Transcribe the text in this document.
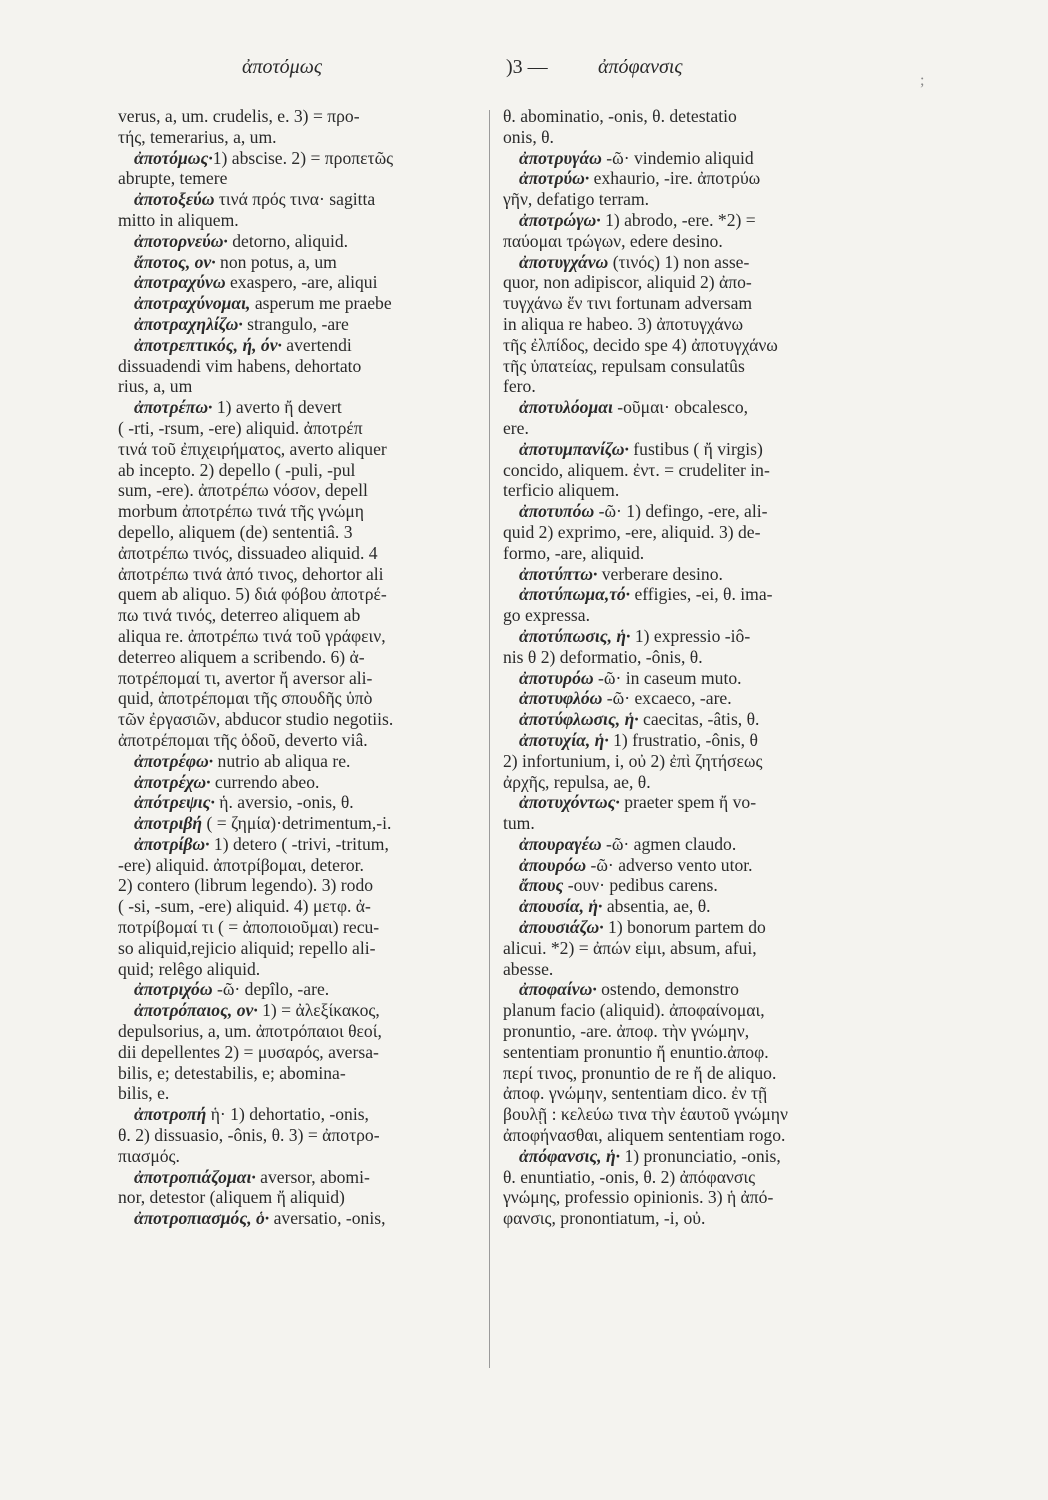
ἀποτόμως	)3 —	ἀπόφανσις
;
verus, a, um. crudelis, e. 3) = προ-
τής, temerarius, a, um.
ἀποτόμως·1) abscise. 2) = προπετῶς
abrupte, temere
ἀποτοξεύω τινά πρός τινα· sagitta
mitto in aliquem.
ἀποτορνεύω· detorno, aliquid.
ἄποτος, ον· non potus, a, um
ἀποτραχύνω exaspero, -are, aliqui
ἀποτραχύνομαι, asperum me praebe
ἀποτραχηλίζω· strangulo, -are
ἀποτρεπτικός, ή, όν· avertendi
dissuadendi vim habens, dehortato
rius, a, um
ἀποτρέπω· 1) averto ἤ devert
( -rti, -rsum, -ere) aliquid. ἀποτρέπ
τινά τοῦ ἐπιχειρήματος, averto aliquer
ab incepto. 2) depello ( -puli, -pul
sum, -ere). ἀποτρέπω νόσον, depell
morbum ἀποτρέπω τινά τῆς γνώμη
depello, aliquem (de) sententiâ. 3
ἀποτρέπω τινός, dissuadeo aliquid. 4
ἀποτρέπω τινά ἀπό τινος, dehortor ali
quem ab aliquo. 5) διά φόβου ἀποτρέ-
πω τινά τινός, deterreo aliquem ab
aliqua re. ἀποτρέπω τινά τοῦ γράφειν,
deterreo aliquem a scribendo. 6) ἀ-
ποτρέπομαί τι, avertor ἤ aversor ali-
quid, ἀποτρέπομαι τῆς σπουδῆς ὑπὸ
τῶν ἐργασιῶν, abducor studio negotiis.
ἀποτρέπομαι τῆς ὁδοῦ, deverto viâ.
ἀποτρέφω· nutrio ab aliqua re.
ἀποτρέχω· currendo abeo.
ἀπότρεψις· ἡ. aversio, -onis, θ.
ἀποτριβή ( = ζημία)·detrimentum,-i.
ἀποτρίβω· 1) detero ( -trivi, -tritum,
-ere) aliquid. ἀποτρίβομαι, deteror.
2) contero (librum legendo). 3) rodo
( -si, -sum, -ere) aliquid. 4) μετφ. ἀ-
ποτρίβομαί τι ( = ἀποποιοῦμαι) recu-
so aliquid,rejicio aliquid; repello ali-
quid; relêgo aliquid.
ἀποτριχόω -ῶ· depîlo, -are.
ἀποτρόπαιος, ον· 1) = ἀλεξίκακος,
depulsorius, a, um. ἀποτρόπαιοι θεοί,
dii depellentes 2) = μυσαρός, aversa-
bilis, e; detestabilis, e; abomina-
bilis, e.
ἀποτροπή ἡ· 1) dehortatio, -onis,
θ. 2) dissuasio, -ônis, θ. 3) = ἀποτρο-
πιασμός.
ἀποτροπιάζομαι· aversor, abomi-
nor, detestor (aliquem ἤ aliquid)
ἀποτροπιασμός, ὁ· aversatio, -onis,
θ. abominatio, -onis, θ. detestatio
onis, θ.
ἀποτρυγάω -ῶ· vindemio aliquid
ἀποτρύω· exhaurio, -ire. ἀποτρύω
γῆν, defatigo terram.
ἀποτρώγω· 1) abrodo, -ere. *2) =
παύομαι τρώγων, edere desino.
ἀποτυγχάνω (τινός) 1) non asse-
quor, non adipiscor, aliquid 2) ἀπο-
τυγχάνω ἔν τινι fortunam adversam
in aliqua re habeo. 3) ἀποτυγχάνω
τῆς ἐλπίδος, decido spe 4) ἀποτυγχάνω
τῆς ὑπατείας, repulsam consulatûs
fero.
ἀποτυλόομαι -οῦμαι· obcalesco,
ere.
ἀποτυμπανίζω· fustibus ( ἤ virgis)
concido, aliquem. ἐντ. = crudeliter in-
terficio aliquem.
ἀποτυπόω -ῶ· 1) defingo, -ere, ali-
quid 2) exprimo, -ere, aliquid. 3) de-
formo, -are, aliquid.
ἀποτύπτω· verberare desino.
ἀποτύπωμα,τό· effigies, -ei, θ. ima-
go expressa.
ἀποτύπωσις, ἡ· 1) expressio -iô-
nis θ 2) deformatio, -ônis, θ.
ἀποτυρόω -ῶ· in caseum muto.
ἀποτυφλόω -ῶ· excaeco, -are.
ἀποτύφλωσις, ἡ· caecitas, -âtis, θ.
ἀποτυχία, ἡ· 1) frustratio, -ônis, θ
2) infortunium, i, οὐ 2) ἐπὶ ζητήσεως
ἀρχῆς, repulsa, ae, θ.
ἀποτυχόντως· praeter spem ἤ vo-
tum.
ἀπουραγέω -ῶ· agmen claudo.
ἀπουρόω -ῶ· adverso vento utor.
ἄπους -ουν· pedibus carens.
ἀπουσία, ἡ· absentia, ae, θ.
ἀπουσιάζω· 1) bonorum partem do
alicui. *2) = ἀπών εἰμι, absum, afui,
abesse.
ἀποφαίνω· ostendo, demonstro
planum facio (aliquid). ἀποφαίνομαι,
pronuntio, -are. ἀποφ. τὴν γνώμην,
sententiam pronuntio ἤ enuntio.ἀποφ.
περί τινος, pronuntio de re ἤ de aliquo.
ἀποφ. γνώμην, sententiam dico. ἐν τῇ
βουλῇ : κελεύω τινα τὴν ἑαυτοῦ γνώμην
ἀποφήνασθαι, aliquem sententiam rogo.
ἀπόφανσις, ἡ· 1) pronunciatio, -onis,
θ. enuntiatio, -onis, θ. 2) ἀπόφανσις
γνώμης, professio opinionis. 3) ἡ ἀπό-
φανσις, pronontiatum, -i, οὐ.
